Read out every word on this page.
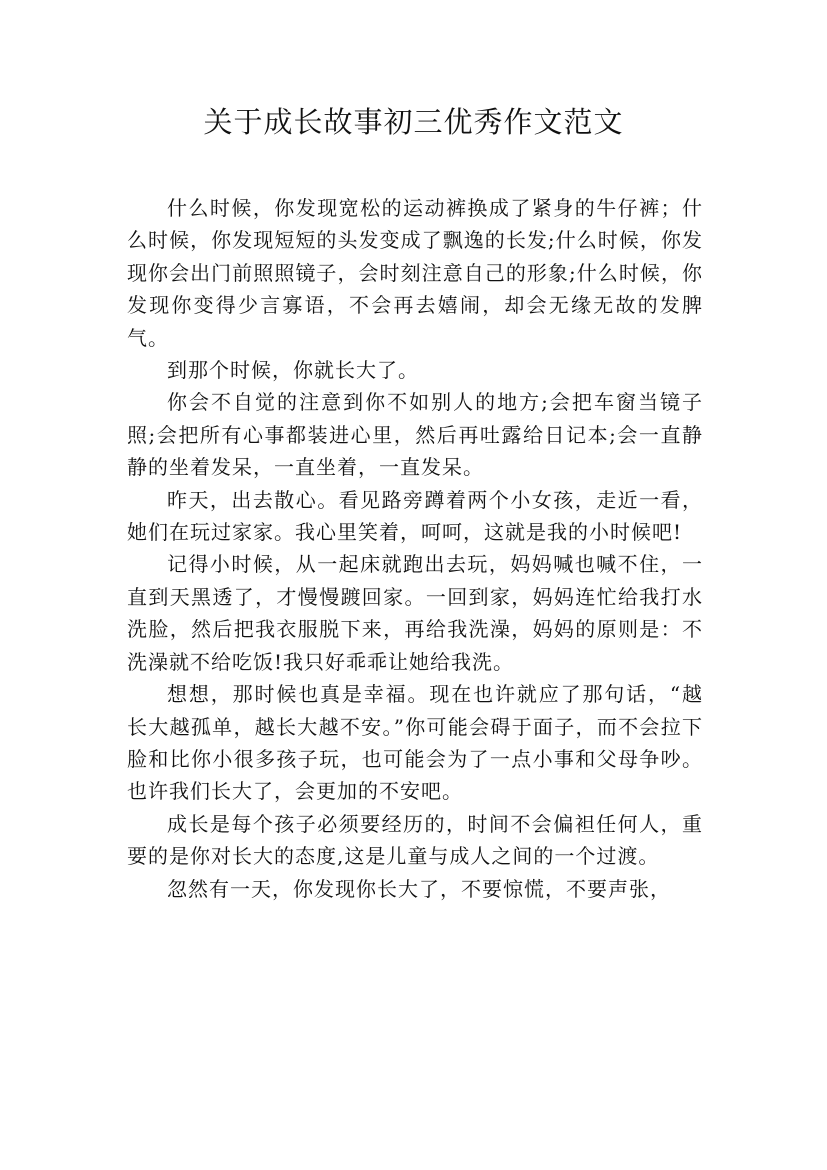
关于成长故事初三优秀作文范文

什么时候，你发现宽松的运动裤换成了紧身的牛仔裤；什么时候，你发现短短的头发变成了飘逸的长发;什么时候，你发现你会出门前照照镜子，会时刻注意自己的形象;什么时候，你发现你变得少言寡语，不会再去嬉闹，却会无缘无故的发脾气。

到那个时候，你就长大了。

你会不自觉的注意到你不如别人的地方;会把车窗当镜子照;会把所有心事都装进心里，然后再吐露给日记本;会一直静静的坐着发呆，一直坐着，一直发呆。

昨天，出去散心。看见路旁蹲着两个小女孩，走近一看，她们在玩过家家。我心里笑着，呵呵，这就是我的小时候吧!

记得小时候，从一起床就跑出去玩，妈妈喊也喊不住，一直到天黑透了，才慢慢踱回家。一回到家，妈妈连忙给我打水洗脸，然后把我衣服脱下来，再给我洗澡，妈妈的原则是：不洗澡就不给吃饭!我只好乖乖让她给我洗。

想想，那时候也真是幸福。现在也许就应了那句话，“越长大越孤单，越长大越不安。”你可能会碍于面子，而不会拉下脸和比你小很多孩子玩，也可能会为了一点小事和父母争吵。也许我们长大了，会更加的不安吧。

成长是每个孩子必须要经历的，时间不会偏袒任何人，重要的是你对长大的态度,这是儿童与成人之间的一个过渡。

忽然有一天，你发现你长大了，不要惊慌，不要声张，
